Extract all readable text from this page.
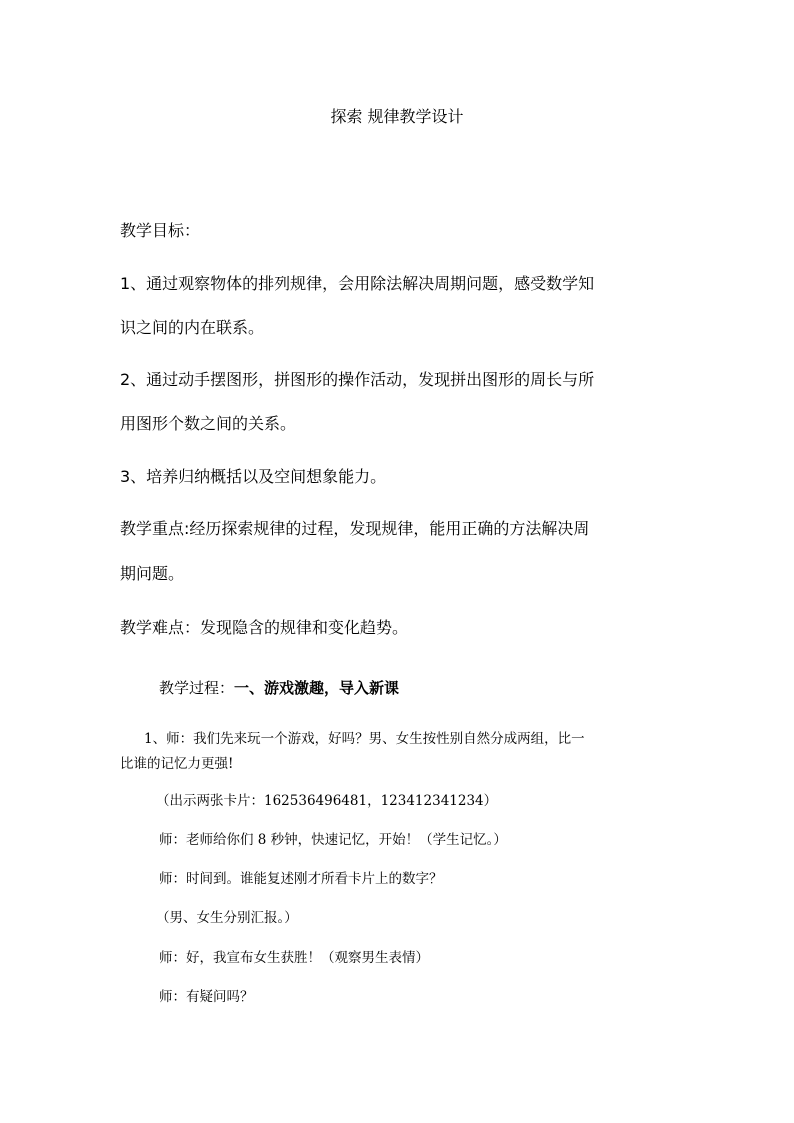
探索 规律教学设计
教学目标：
1、通过观察物体的排列规律，会用除法解决周期问题，感受数学知
识之间的内在联系。
2、通过动手摆图形，拼图形的操作活动，发现拼出图形的周长与所
用图形个数之间的关系。
3、培养归纳概括以及空间想象能力。
教学重点:经历探索规律的过程，发现规律，能用正确的方法解决周
期问题。
教学难点：发现隐含的规律和变化趋势。
教学过程：一、游戏激趣，导入新课
1、师：我们先来玩一个游戏，好吗？男、女生按性别自然分成两组，比一
比谁的记忆力更强!
（出示两张卡片：162536496481，123412341234）
师：老师给你们 8 秒钟，快速记忆，开始！（学生记忆。）
师：时间到。谁能复述刚才所看卡片上的数字？
（男、女生分别汇报。）
师：好，我宣布女生获胜！（观察男生表情）
师：有疑问吗？
